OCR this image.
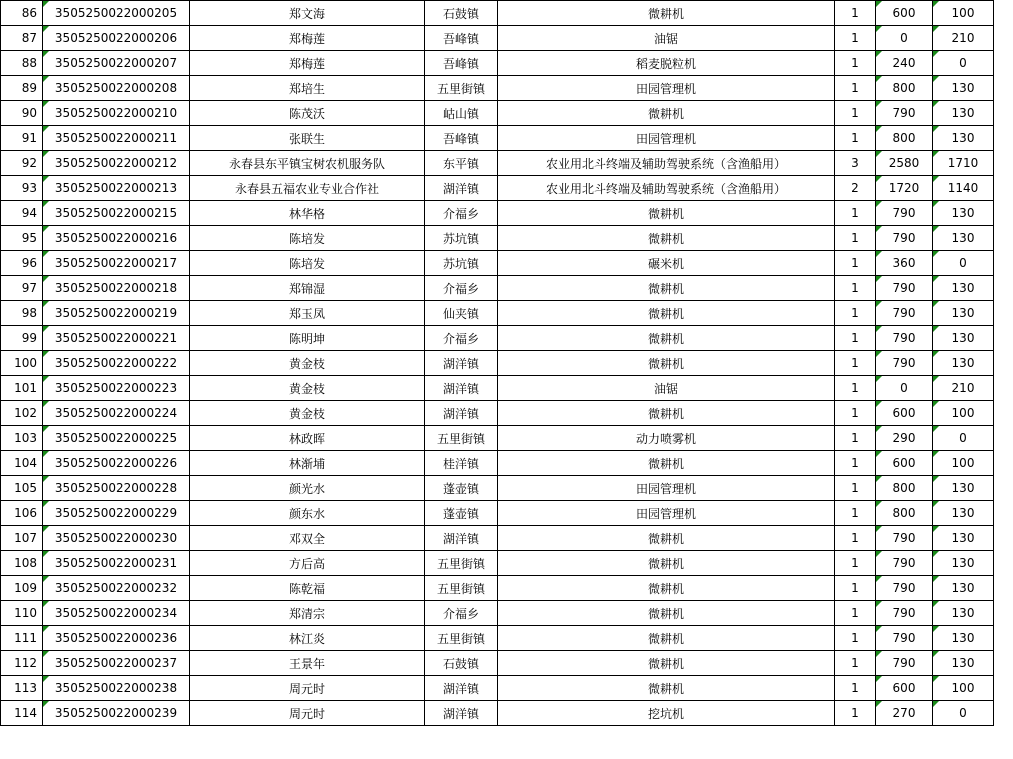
86	3505250022000205	郑文海	石鼓镇	微耕机	1	600	100	
87	3505250022000206	郑梅莲	吾峰镇	油锯	1	0	210	
88	3505250022000207	郑梅莲	吾峰镇	稻麦脱粒机	1	240	0	
89	3505250022000208	郑培生	五里街镇	田园管理机	1	800	130	
90	3505250022000210	陈茂沃	岵山镇	微耕机	1	790	130	
91	3505250022000211	张联生	吾峰镇	田园管理机	1	800	130	
92	3505250022000212	永春县东平镇宝树农机服务队	东平镇	农业用北斗终端及辅助驾驶系统（含渔船用）	3	2580	1710	
93	3505250022000213	永春县五福农业专业合作社	湖洋镇	农业用北斗终端及辅助驾驶系统（含渔船用）	2	1720	1140	
94	3505250022000215	林华格	介福乡	微耕机	1	790	130	
95	3505250022000216	陈培发	苏坑镇	微耕机	1	790	130	
96	3505250022000217	陈培发	苏坑镇	碾米机	1	360	0	
97	3505250022000218	郑锦湿	介福乡	微耕机	1	790	130	
98	3505250022000219	郑玉凤	仙夹镇	微耕机	1	790	130	
99	3505250022000221	陈明坤	介福乡	微耕机	1	790	130	
100	3505250022000222	黄金枝	湖洋镇	微耕机	1	790	130	
101	3505250022000223	黄金枝	湖洋镇	油锯	1	0	210	
102	3505250022000224	黄金枝	湖洋镇	微耕机	1	600	100	
103	3505250022000225	林政晖	五里街镇	动力喷雾机	1	290	0	
104	3505250022000226	林渐埔	桂洋镇	微耕机	1	600	100	
105	3505250022000228	颜光水	蓬壶镇	田园管理机	1	800	130	
106	3505250022000229	颜东水	蓬壶镇	田园管理机	1	800	130	
107	3505250022000230	邓双全	湖洋镇	微耕机	1	790	130	
108	3505250022000231	方后高	五里街镇	微耕机	1	790	130	
109	3505250022000232	陈乾福	五里街镇	微耕机	1	790	130	
110	3505250022000234	郑清宗	介福乡	微耕机	1	790	130	
111	3505250022000236	林江炎	五里街镇	微耕机	1	790	130	
112	3505250022000237	王景年	石鼓镇	微耕机	1	790	130	
113	3505250022000238	周元时	湖洋镇	微耕机	1	600	100	
114	3505250022000239	周元时	湖洋镇	挖坑机	1	270	0	
